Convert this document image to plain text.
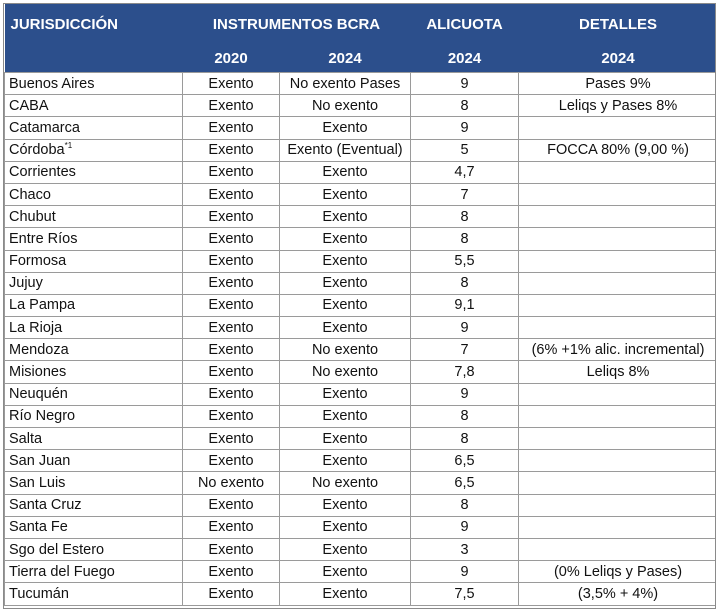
JURISDICCIÓN	INSTRUMENTOS BCRA		ALICUOTA	DETALLES
	2020	2024	2024	2024
Buenos Aires	Exento	No exento Pases	9	Pases 9%
CABA	Exento	No exento	8	Leliqs y Pases 8%
Catamarca	Exento	Exento	9	
Córdoba$^{*1}$	Exento	Exento (Eventual)	5	FOCCA 80% (9,00 %)
Corrientes	Exento	Exento	4,7	
Chaco	Exento	Exento	7	
Chubut	Exento	Exento	8	
Entre Ríos	Exento	Exento	8	
Formosa	Exento	Exento	5,5	
Jujuy	Exento	Exento	8	
La Pampa	Exento	Exento	9,1	
La Rioja	Exento	Exento	9	
Mendoza	Exento	No exento	7	(6% +1% alic. incremental)
Misiones	Exento	No exento	7,8	Leliqs 8%
Neuquén	Exento	Exento	9	
Río Negro	Exento	Exento	8	
Salta	Exento	Exento	8	
San Juan	Exento	Exento	6,5	
San Luis	No exento	No exento	6,5	
Santa Cruz	Exento	Exento	8	
Santa Fe	Exento	Exento	9	
Sgo del Estero	Exento	Exento	3	
Tierra del Fuego	Exento	Exento	9	(0% Leliqs y Pases)
Tucumán	Exento	Exento	7,5	(3,5% + 4%)
